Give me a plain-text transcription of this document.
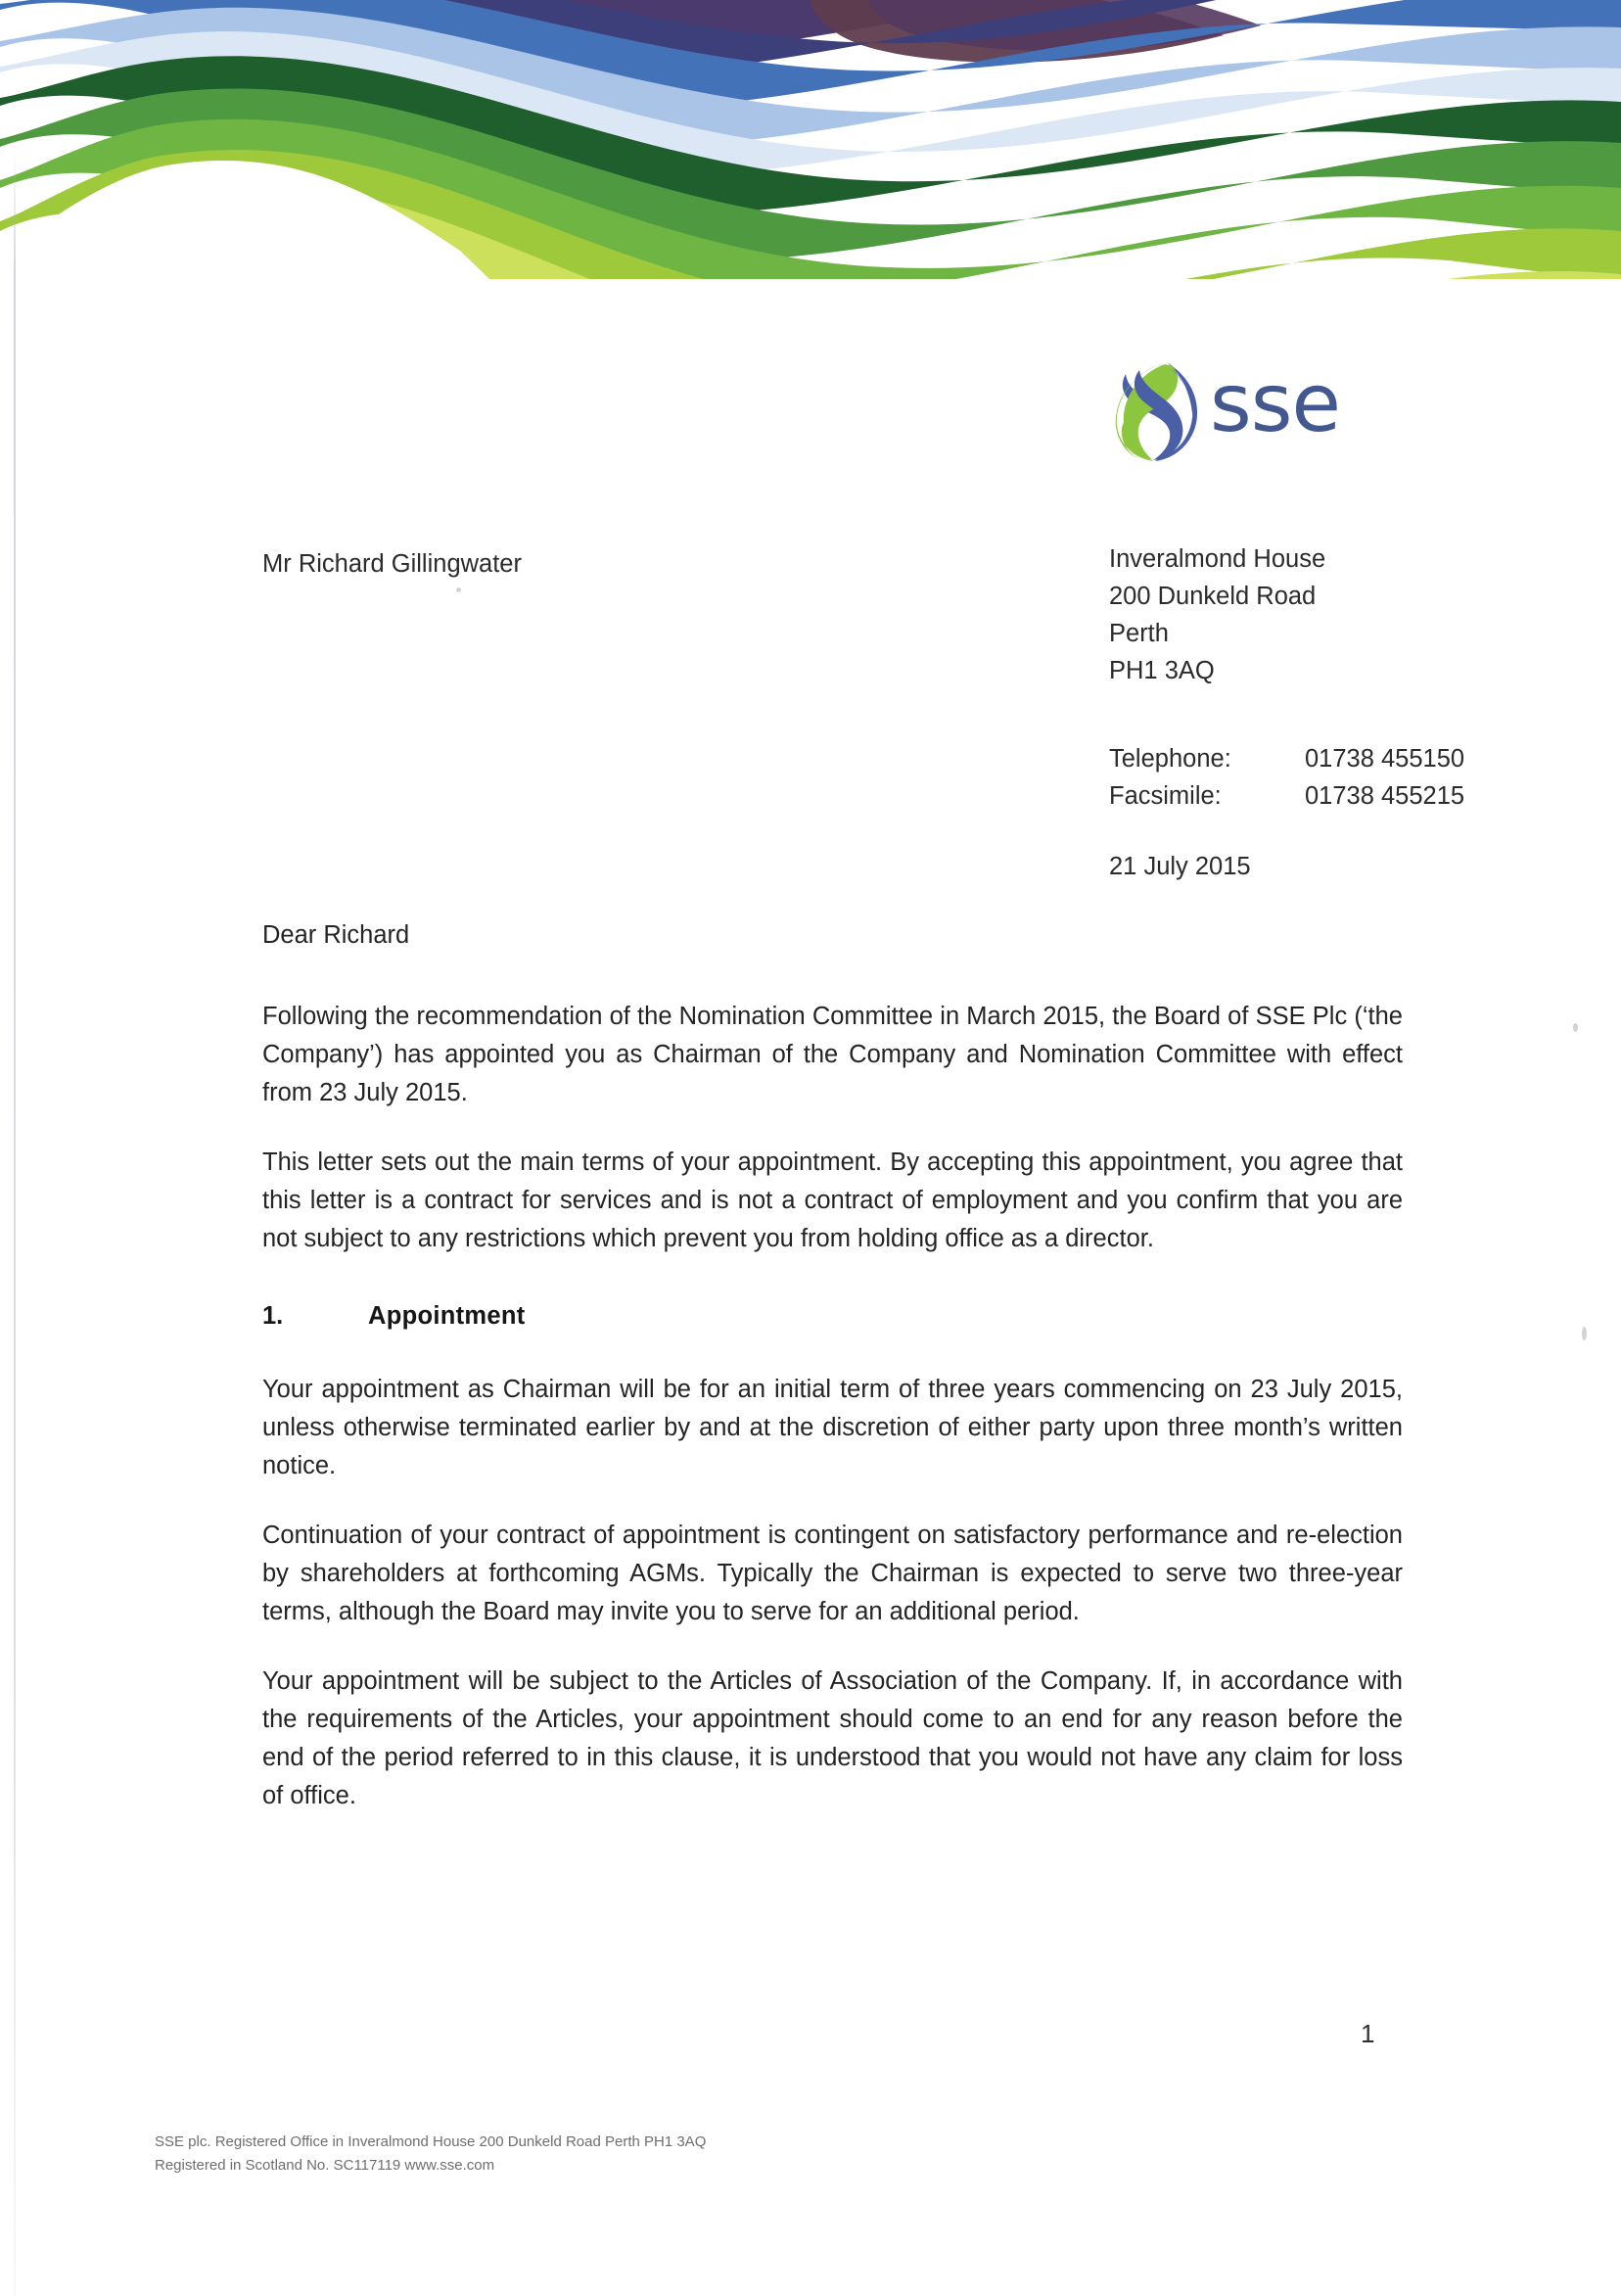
sse
Mr Richard Gillingwater	Inveralmond House
200 Dunkeld Road
Perth
PH1 3AQ
Telephone:	01738 455150
Facsimile:	01738 455215
21 July 2015

Dear Richard

Following the recommendation of the Nomination Committee in March 2015, the Board of SSE Plc (‘the Company’) has appointed you as Chairman of the Company and Nomination Committee with effect from 23 July 2015.

This letter sets out the main terms of your appointment. By accepting this appointment, you agree that this letter is a contract for services and is not a contract of employment and you confirm that you are not subject to any restrictions which prevent you from holding office as a director.

1.	Appointment

Your appointment as Chairman will be for an initial term of three years commencing on 23 July 2015, unless otherwise terminated earlier by and at the discretion of either party upon three month’s written notice.

Continuation of your contract of appointment is contingent on satisfactory performance and re-election by shareholders at forthcoming AGMs. Typically the Chairman is expected to serve two three-year terms, although the Board may invite you to serve for an additional period.

Your appointment will be subject to the Articles of Association of the Company. If, in accordance with the requirements of the Articles, your appointment should come to an end for any reason before the end of the period referred to in this clause, it is understood that you would not have any claim for loss of office.

1
SSE plc. Registered Office in Inveralmond House 200 Dunkeld Road Perth PH1 3AQ
Registered in Scotland No. SC117119 www.sse.com
